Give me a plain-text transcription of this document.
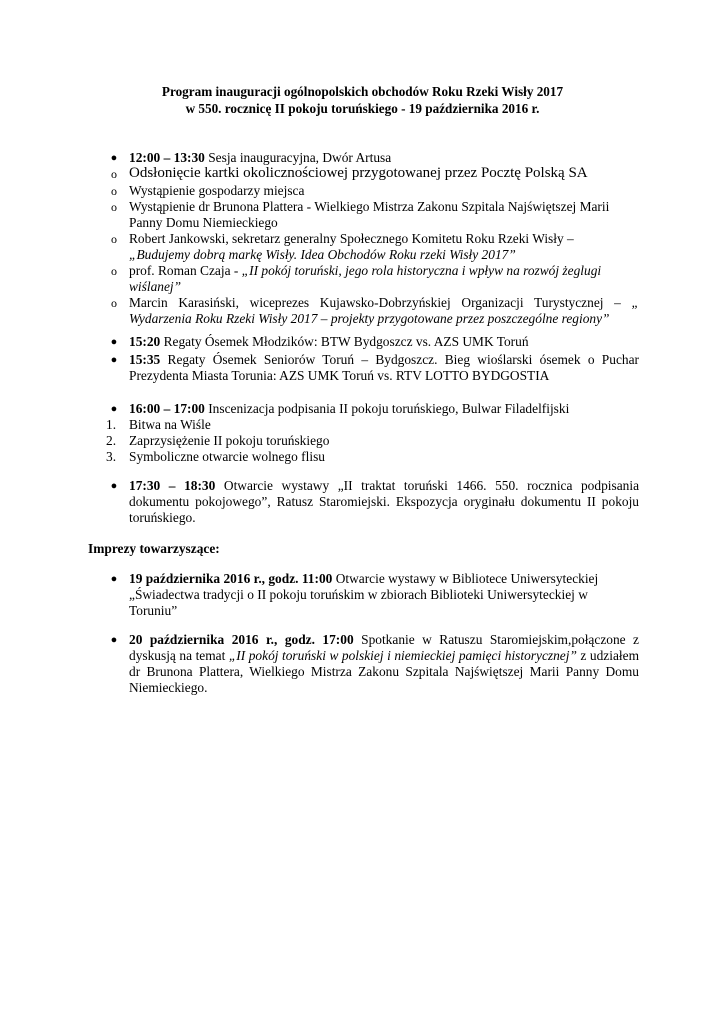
Program inauguracji ogólnopolskich obchodów Roku Rzeki Wisły 2017
w 550. rocznicę II pokoju toruńskiego - 19 października 2016 r.
● 12:00 – 13:30 Sesja inauguracyjna, Dwór Artusa
o Odsłonięcie kartki okolicznościowej przygotowanej przez Pocztę Polską SA
o Wystąpienie gospodarzy miejsca
o Wystąpienie dr Brunona Plattera - Wielkiego Mistrza Zakonu Szpitala Najświętszej Marii Panny Domu Niemieckiego
o Robert Jankowski, sekretarz generalny Społecznego Komitetu Roku Rzeki Wisły –
„Budujemy dobrą markę Wisły. Idea Obchodów Roku rzeki Wisły 2017”
o prof. Roman Czaja - „II pokój toruński, jego rola historyczna i wpływ na rozwój żeglugi wiślanej”
o Marcin Karasiński, wiceprezes Kujawsko-Dobrzyńskiej Organizacji Turystycznej – „ Wydarzenia Roku Rzeki Wisły 2017 – projekty przygotowane przez poszczególne regiony”
● 15:20 Regaty Ósemek Młodzików: BTW Bydgoszcz vs. AZS UMK Toruń
● 15:35 Regaty Ósemek Seniorów Toruń – Bydgoszcz. Bieg wioślarski ósemek o Puchar Prezydenta Miasta Torunia: AZS UMK Toruń vs. RTV LOTTO BYDGOSTIA
● 16:00 – 17:00 Inscenizacja podpisania II pokoju toruńskiego, Bulwar Filadelfijski
1. Bitwa na Wiśle
2. Zaprzysiężenie II pokoju toruńskiego
3. Symboliczne otwarcie wolnego flisu
● 17:30 – 18:30 Otwarcie wystawy „II traktat toruński 1466. 550. rocznica podpisania dokumentu pokojowego”, Ratusz Staromiejski. Ekspozycja oryginału dokumentu II pokoju toruńskiego.
Imprezy towarzyszące:
● 19 października 2016 r., godz. 11:00 Otwarcie wystawy w Bibliotece Uniwersyteckiej „Świadectwa tradycji o II pokoju toruńskim w zbiorach Biblioteki Uniwersyteckiej w Toruniu”
● 20 października 2016 r., godz. 17:00 Spotkanie w Ratuszu Staromiejskim,połączone z dyskusją na temat „II pokój toruński w polskiej i niemieckiej pamięci historycznej” z udziałem dr Brunona Plattera, Wielkiego Mistrza Zakonu Szpitala Najświętszej Marii Panny Domu Niemieckiego.
